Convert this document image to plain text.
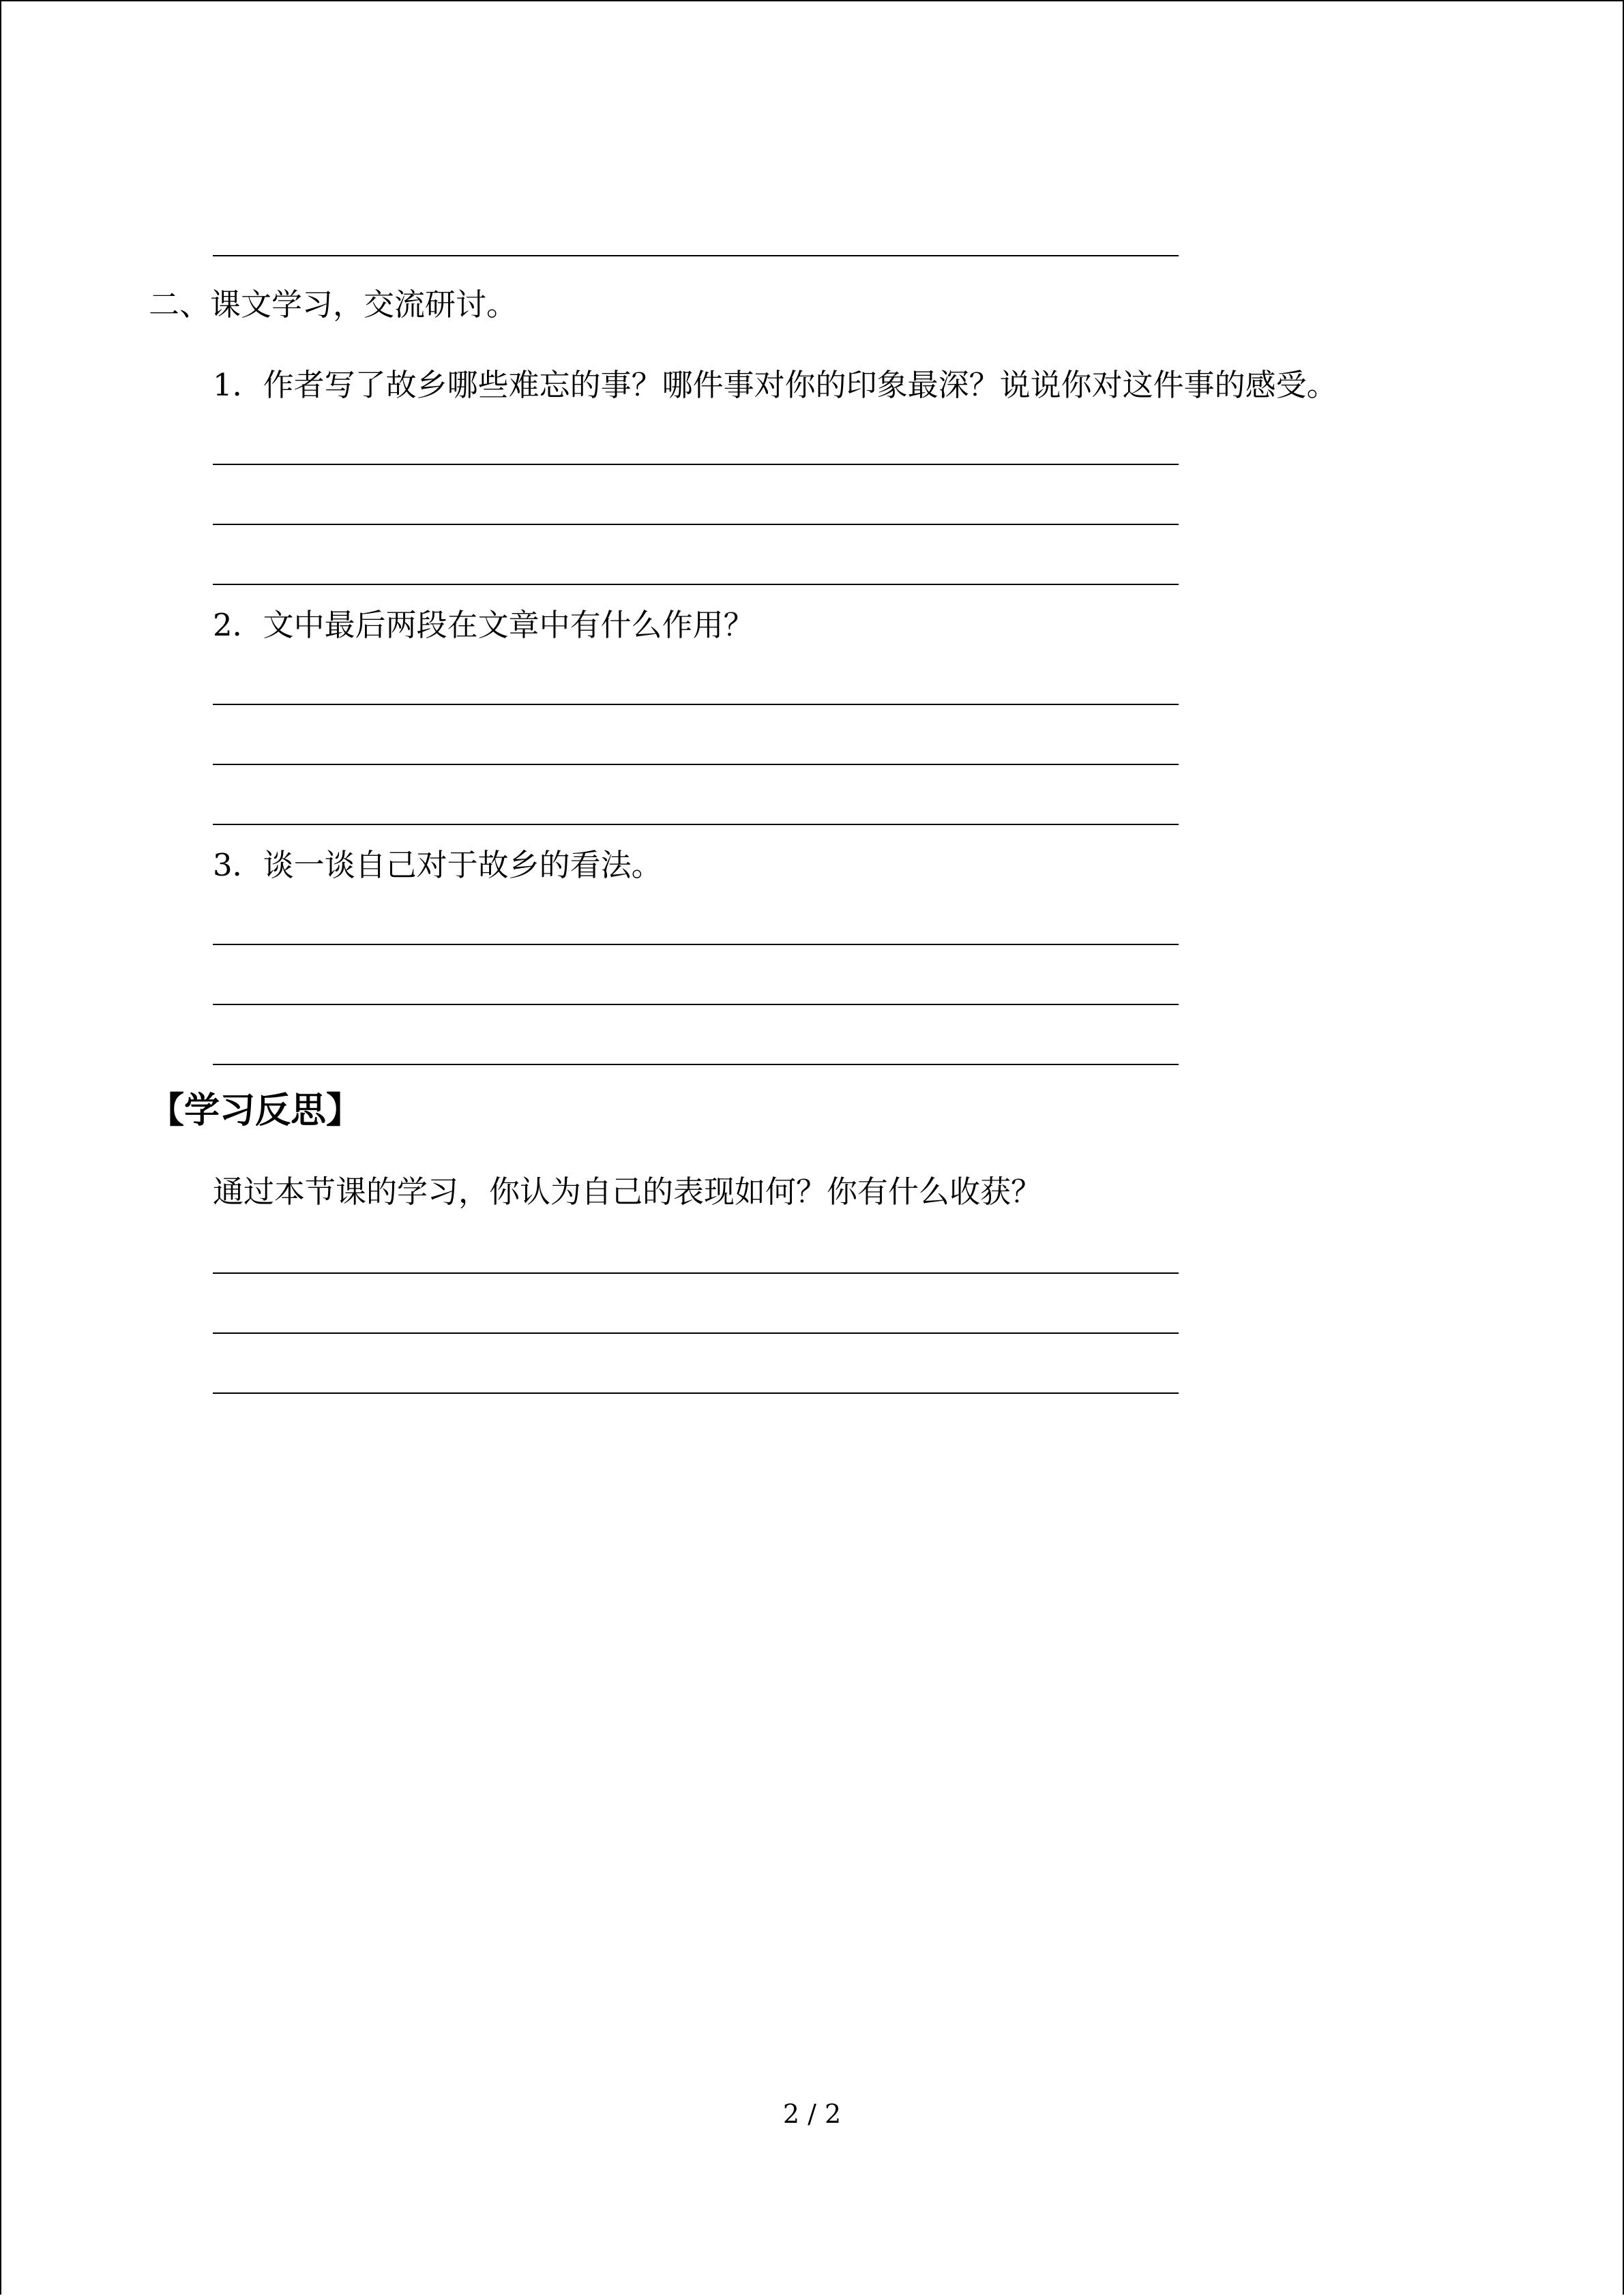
二、课文学习，交流研讨。
1．作者写了故乡哪些难忘的事？哪件事对你的印象最深？说说你对这件事的感受。
2．文中最后两段在文章中有什么作用？
3．谈一谈自己对于故乡的看法。
【学习反思】
通过本节课的学习，你认为自己的表现如何？你有什么收获？
2 / 2
